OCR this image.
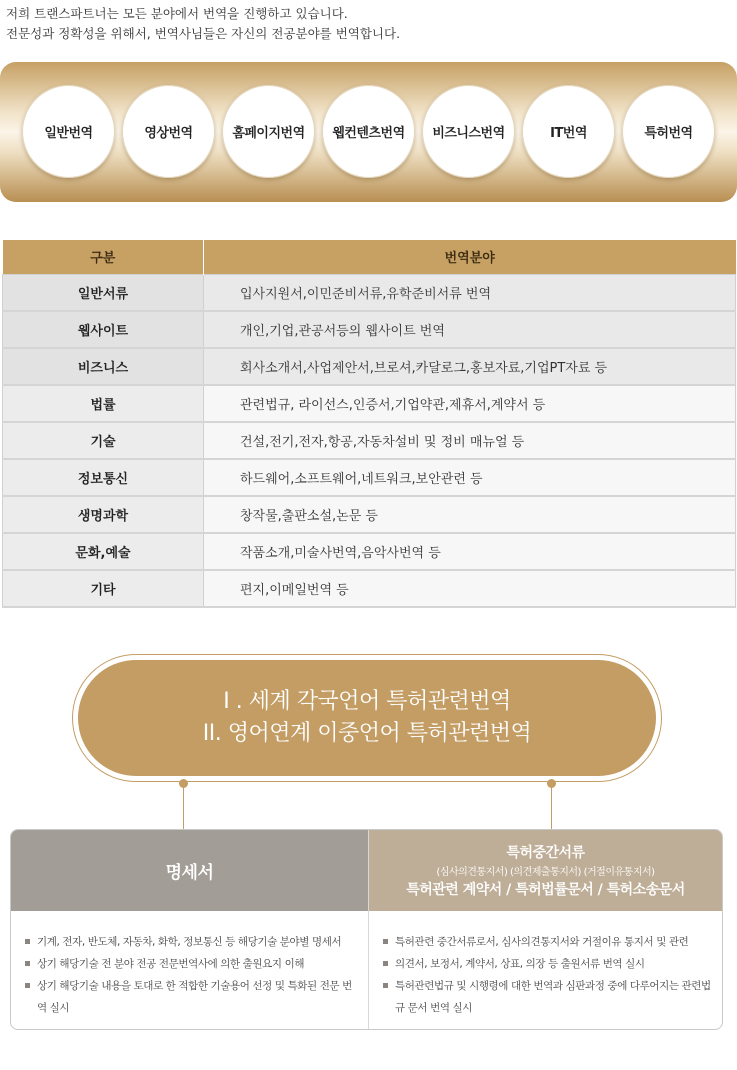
저희 트랜스파트너는 모든 분야에서 번역을 진행하고 있습니다.
전문성과 정확성을 위해서, 번역사님들은 자신의 전공분야를 번역합니다.
일반번역	영상번역	홈페이지번역	웹컨텐츠번역	비즈니스번역	IT번역	특허번역
구분	번역분야
일반서류	입사지원서,이민준비서류,유학준비서류 번역
웹사이트	개인,기업,관공서등의 웹사이트 번역
비즈니스	회사소개서,사업제안서,브로셔,카달로그,홍보자료,기업PT자료 등
법률	관련법규, 라이선스,인증서,기업약관,제휴서,계약서 등
기술	건설,전기,전자,항공,자동차설비 및 정비 매뉴얼 등
정보통신	하드웨어,소프트웨어,네트워크,보안관련 등
생명과학	창작물,출판소설,논문 등
문화,예술	작품소개,미술사번역,음악사번역 등
기타	편지,이메일번역 등
I . 세계 각국언어 특허관련번역
II. 영어연계 이중언어 특허관련번역
명세서
기계, 전자, 반도체, 자동차, 화학, 정보통신 등 해당기술 분야별 명세서
상기 해당기술 전 분야 전공 전문번역사에 의한 출원요지 이해
상기 해당기술 내용을 토대로 한 적합한 기술용어 선정 및 특화된 전문 번역 실시
특허중간서류
(심사의견통지서) (의견제출통지서) (거절이유통지서)
특허관련 계약서 / 특허법률문서 / 특허소송문서
특허관련 중간서류로서, 심사의견통지서와 거절이유 통지서 및 관련
의견서, 보정서, 계약서, 상표, 의장 등 출원서류 번역 실시
특허관련법규 및 시행령에 대한 번역과 심판과정 중에 다루어지는 관련법규 문서 번역 실시
